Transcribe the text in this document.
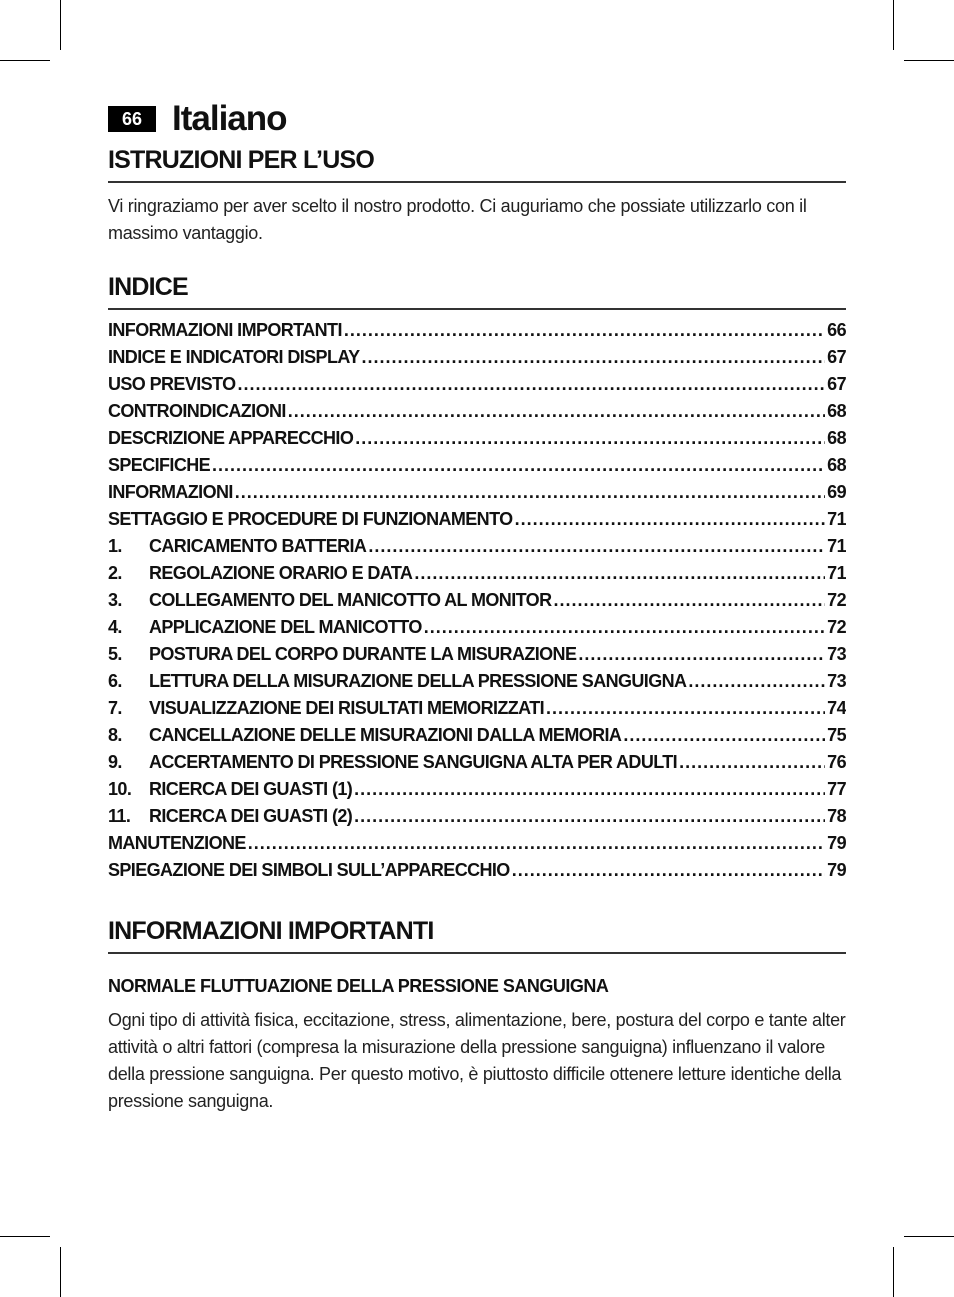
66 Italiano
ISTRUZIONI PER L’USO
Vi ringraziamo per aver scelto il nostro prodotto. Ci auguriamo che possiate utilizzarlo con il massimo vantaggio.
INDICE
INFORMAZIONI IMPORTANTI .....	66
INDICE E INDICATORI DISPLAY .....	67
USO PREVISTO .....	67
CONTROINDICAZIONI .....	68
DESCRIZIONE APPARECCHIO .....	68
SPECIFICHE .....	68
INFORMAZIONI .....	69
SETTAGGIO E PROCEDURE DI FUNZIONAMENTO .....	71
1.	CARICAMENTO BATTERIA .....	71
2.	REGOLAZIONE ORARIO E DATA .....	71
3.	COLLEGAMENTO DEL MANICOTTO AL MONITOR .....	72
4.	APPLICAZIONE DEL MANICOTTO .....	72
5.	POSTURA DEL CORPO DURANTE LA MISURAZIONE .....	73
6.	LETTURA DELLA MISURAZIONE DELLA PRESSIONE SANGUIGNA .....	73
7.	VISUALIZZAZIONE DEI RISULTATI MEMORIZZATI .....	74
8.	CANCELLAZIONE DELLE MISURAZIONI DALLA MEMORIA .....	75
9.	ACCERTAMENTO DI PRESSIONE SANGUIGNA ALTA PER ADULTI .....	76
10. RICERCA DEI GUASTI (1) .....	77
11.	RICERCA DEI GUASTI (2) .....	78
MANUTENZIONE .....	79
SPIEGAZIONE DEI SIMBOLI SULL’APPARECCHIO .....	79
INFORMAZIONI IMPORTANTI
NORMALE FLUTTUAZIONE DELLA PRESSIONE SANGUIGNA
Ogni tipo di attività fisica, eccitazione, stress, alimentazione, bere, postura del corpo e tante alter attività o altri fattori (compresa la misurazione della pressione sanguigna) influenzano il valore della pressione sanguigna. Per questo motivo, è piuttosto difficile ottenere letture identiche della pressione sanguigna.
